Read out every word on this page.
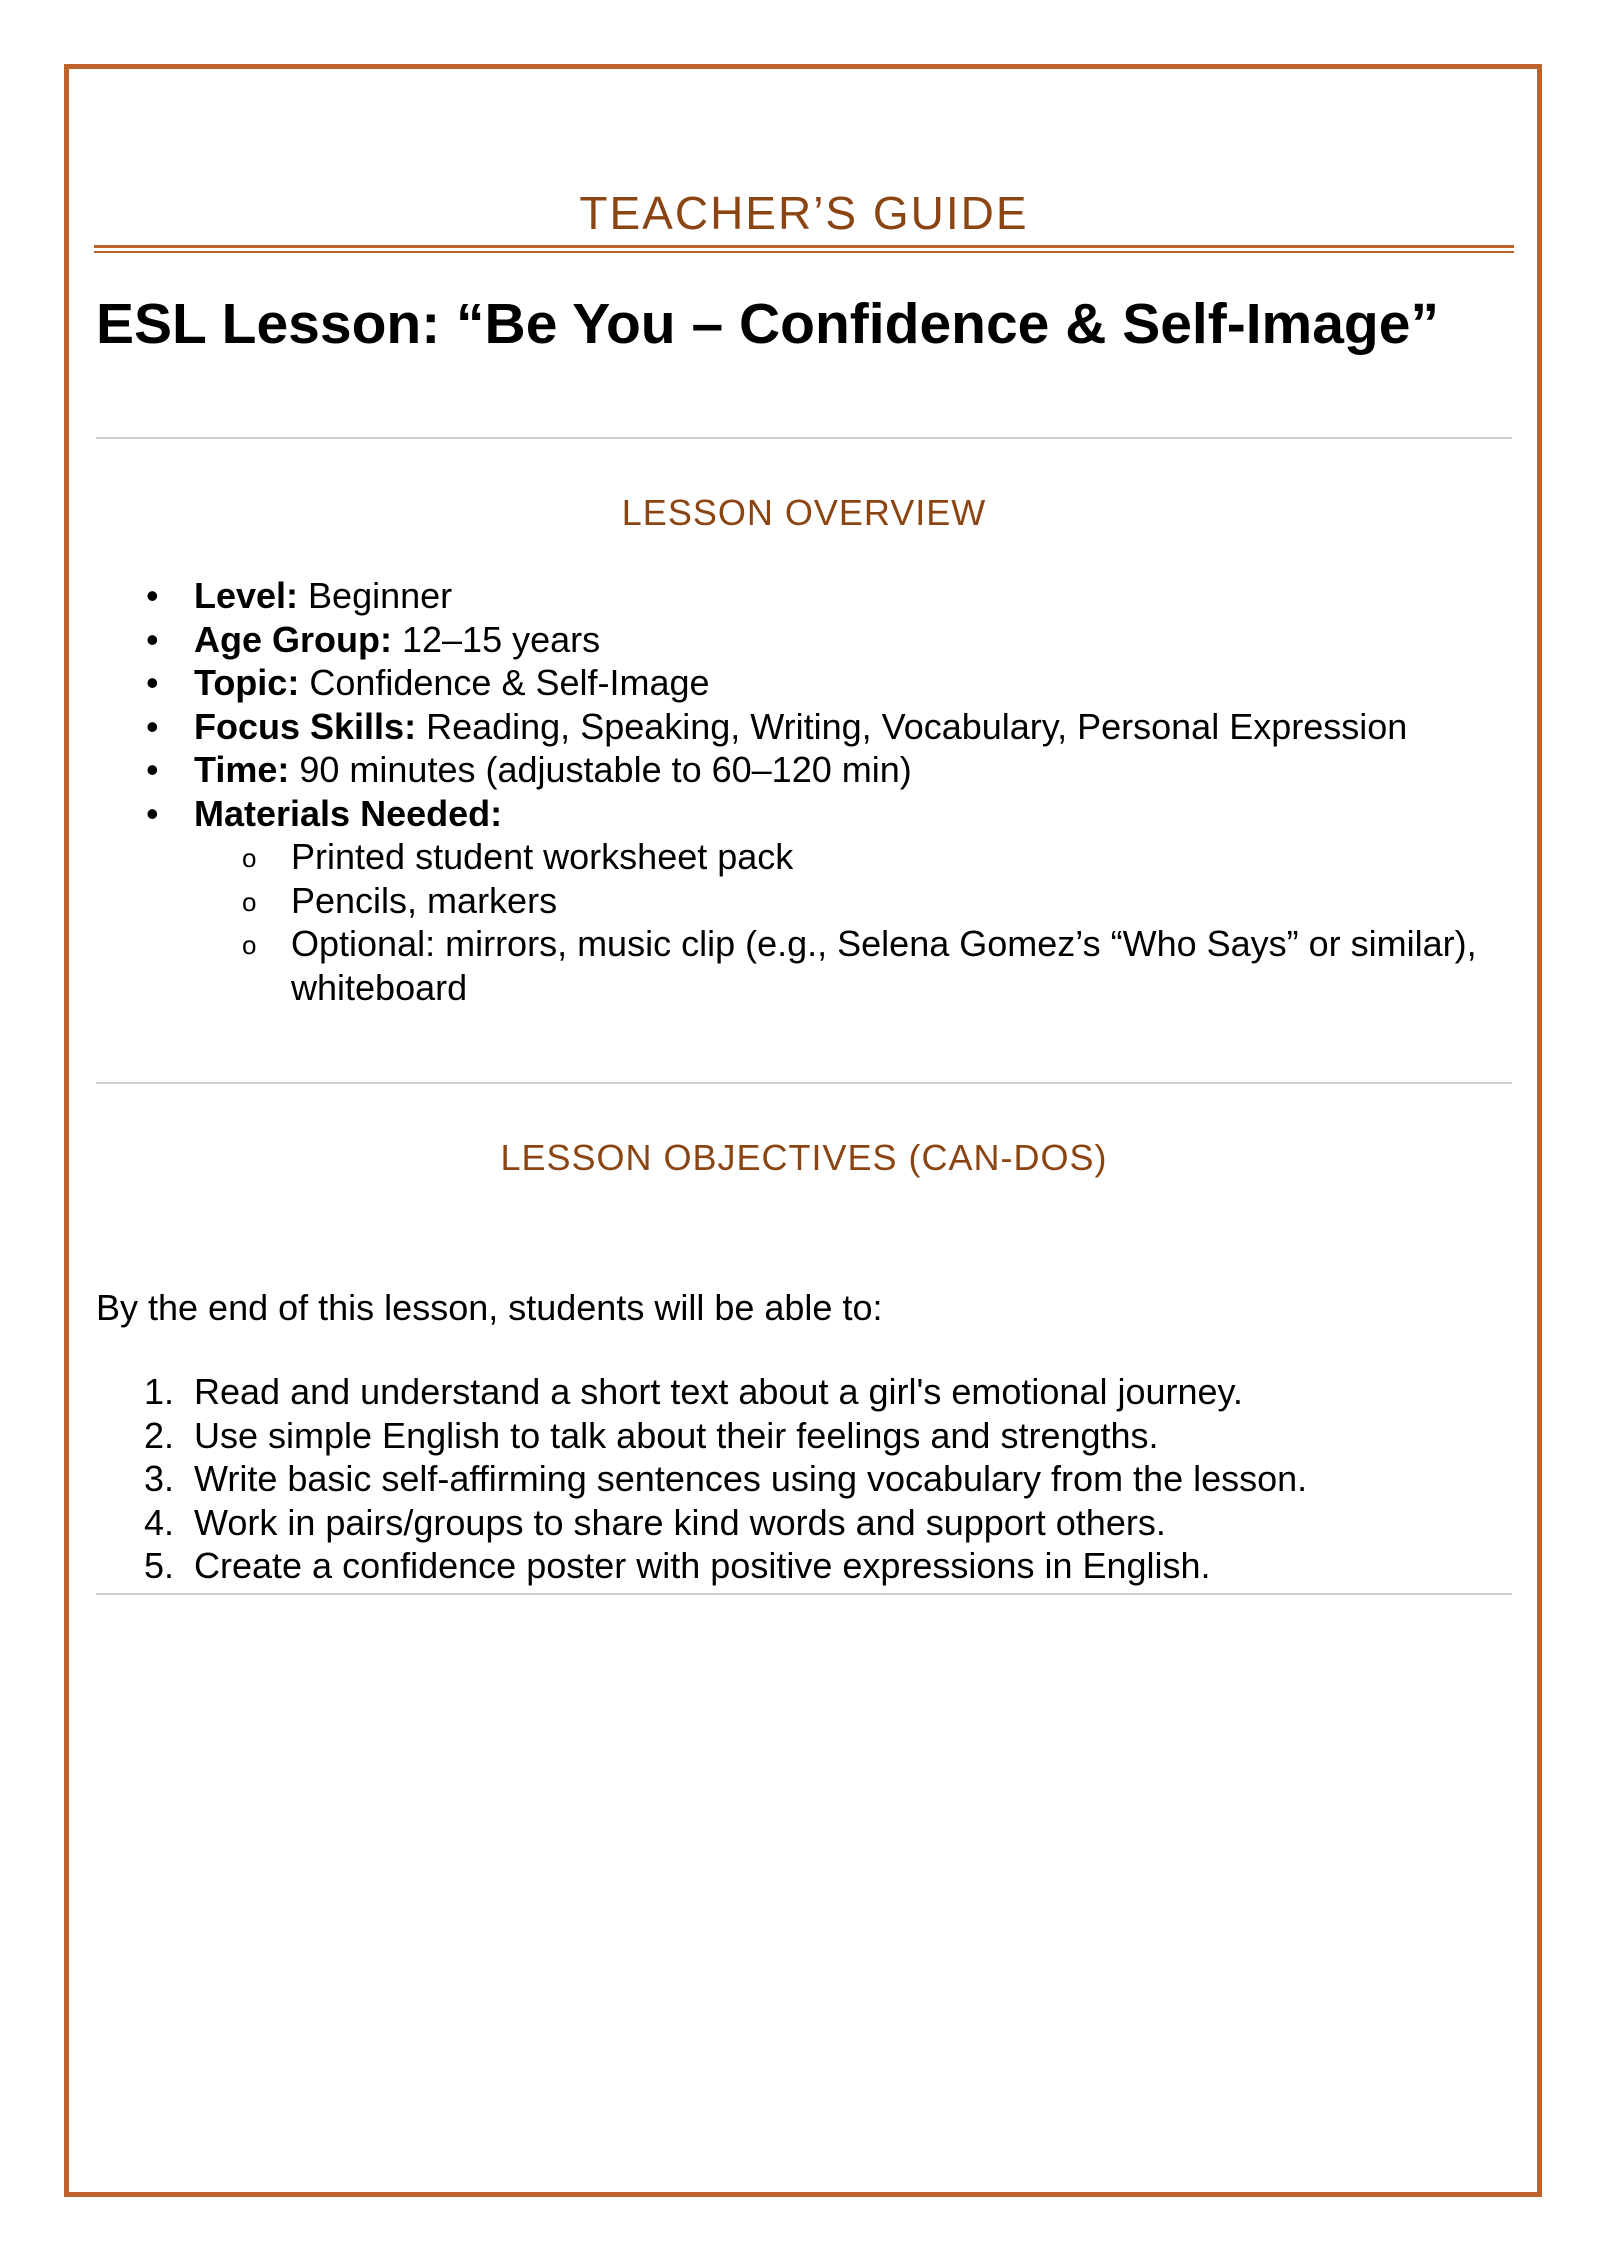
TEACHER’S GUIDE
ESL Lesson: “Be You – Confidence & Self-Image”
LESSON OVERVIEW
• Level: Beginner
• Age Group: 12–15 years
• Topic: Confidence & Self-Image
• Focus Skills: Reading, Speaking, Writing, Vocabulary, Personal Expression
• Time: 90 minutes (adjustable to 60–120 min)
• Materials Needed:
o Printed student worksheet pack
o Pencils, markers
o Optional: mirrors, music clip (e.g., Selena Gomez’s “Who Says” or similar), whiteboard
LESSON OBJECTIVES (CAN-DOS)

By the end of this lesson, students will be able to:

1. Read and understand a short text about a girl's emotional journey.
2. Use simple English to talk about their feelings and strengths.
3. Write basic self-affirming sentences using vocabulary from the lesson.
4. Work in pairs/groups to share kind words and support others.
5. Create a confidence poster with positive expressions in English.
